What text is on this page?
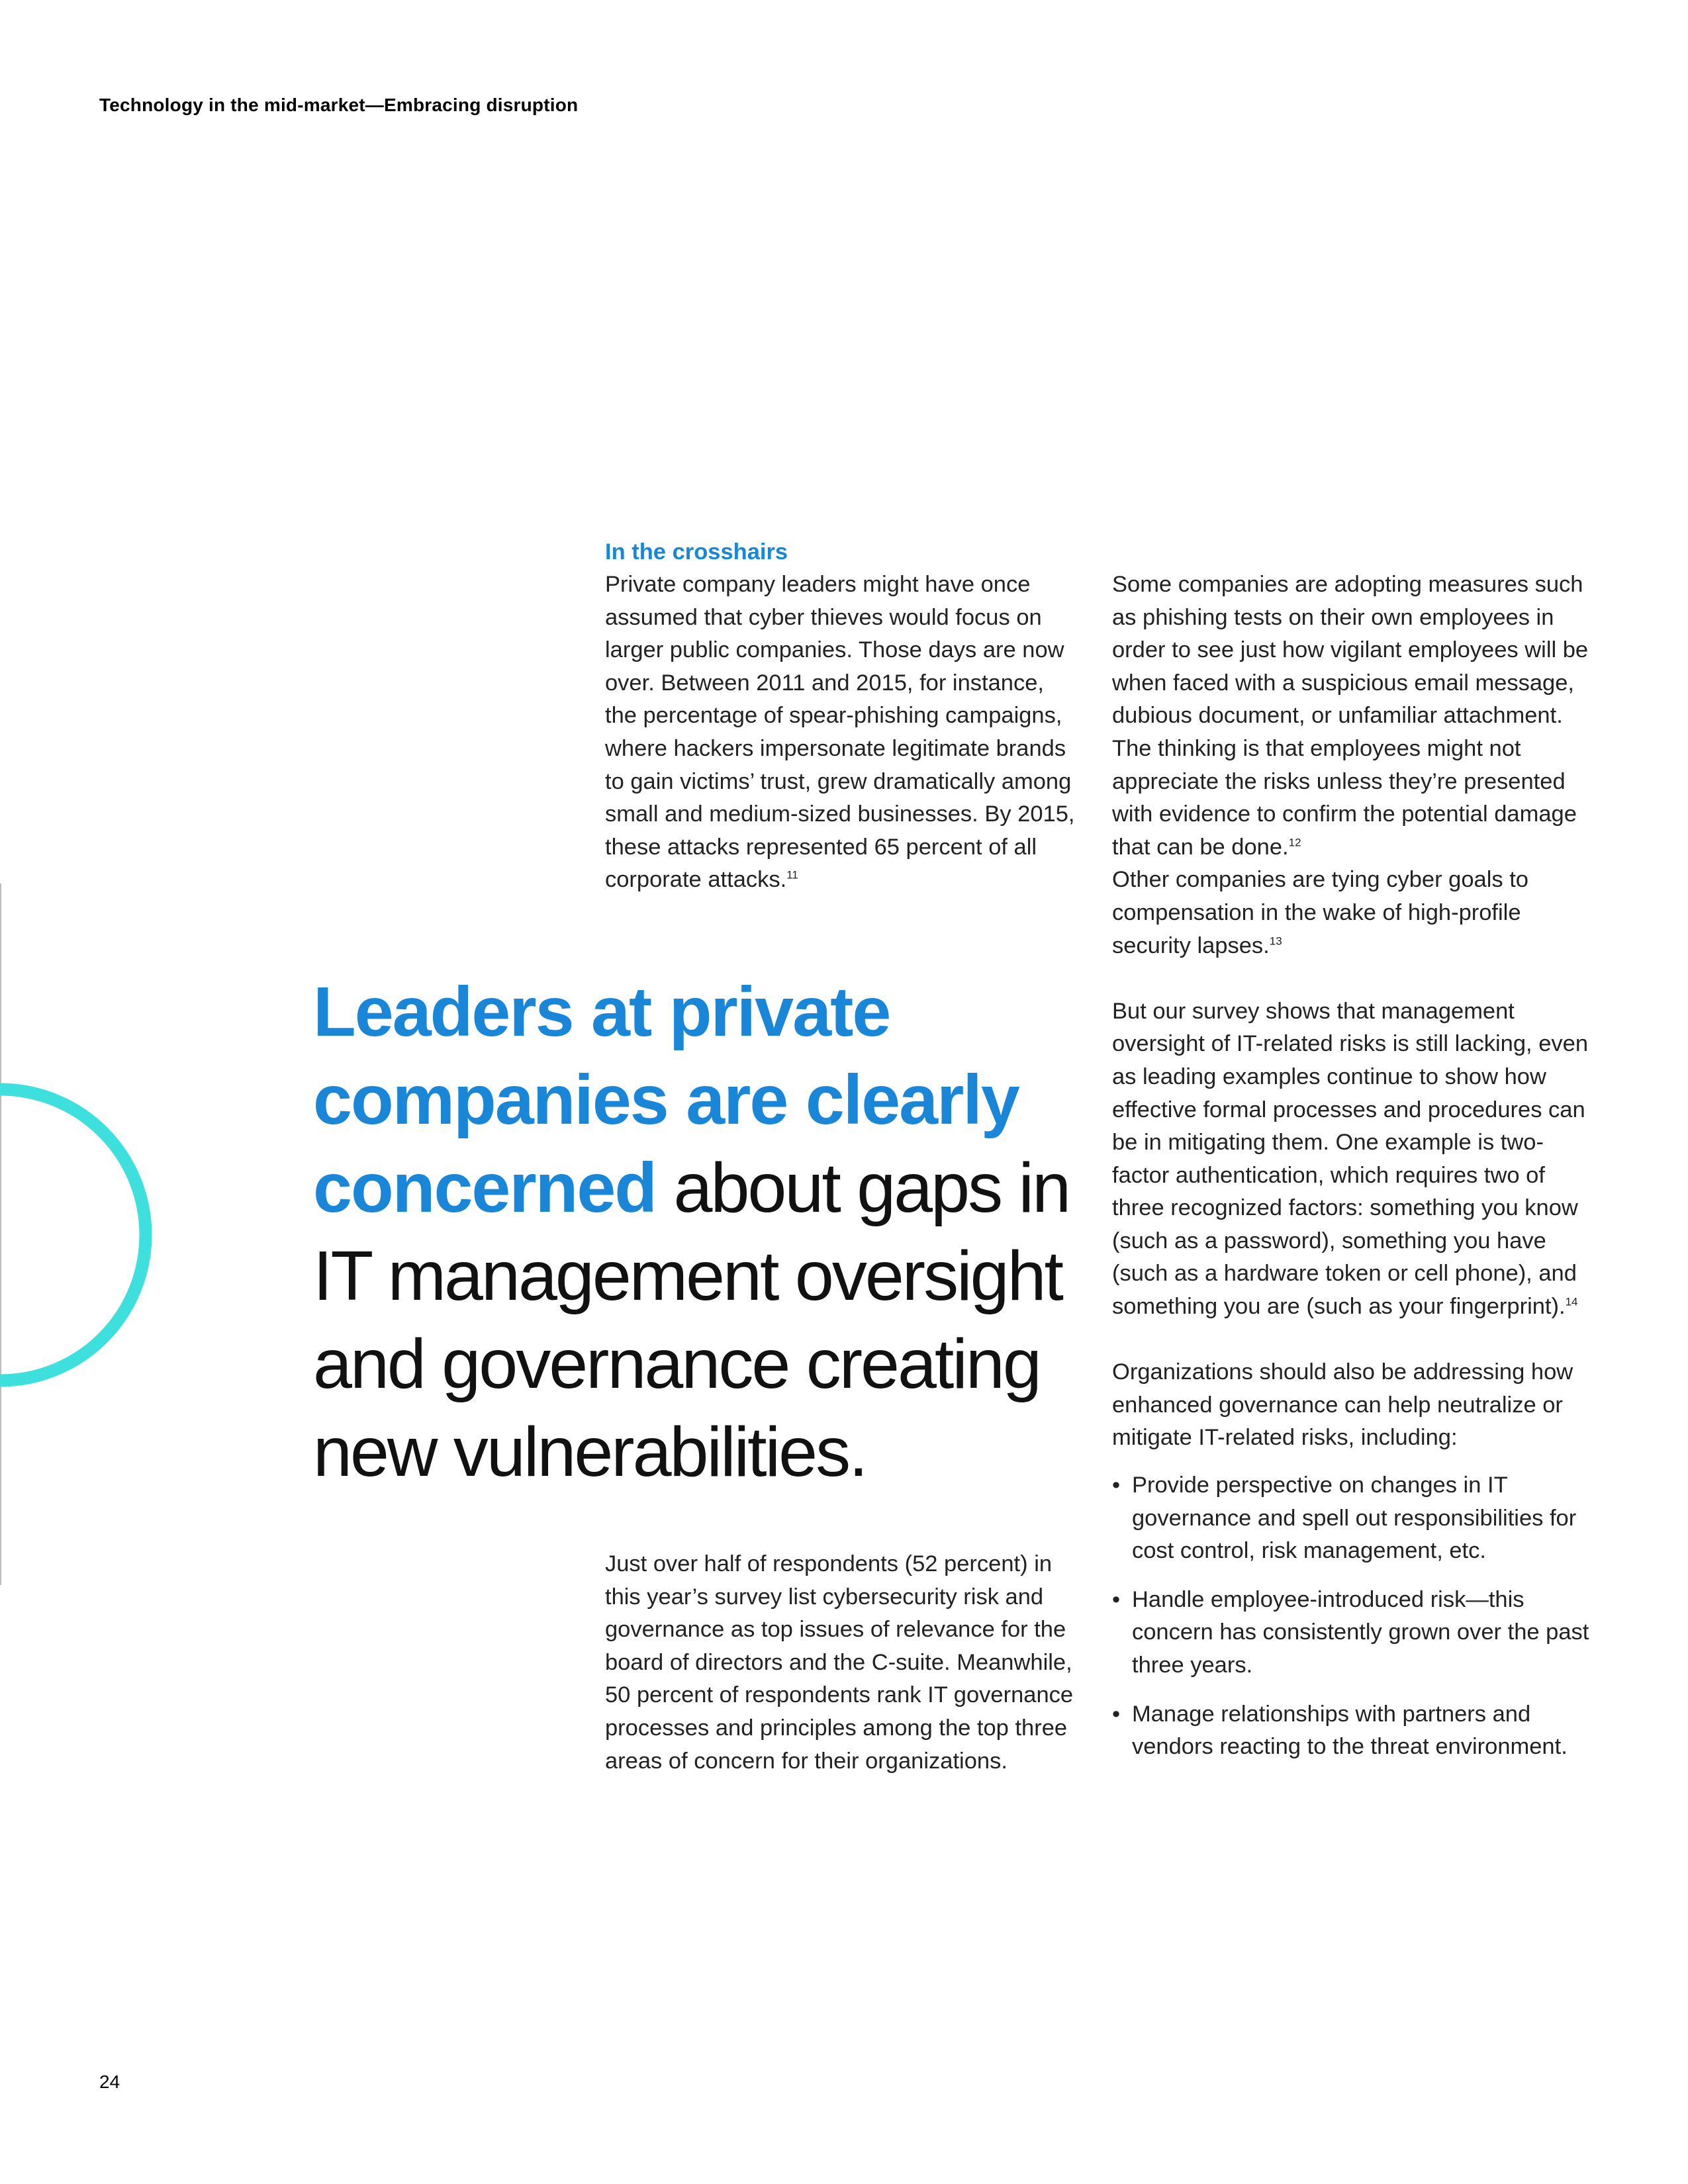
Technology in the mid-market—Embracing disruption
In the crosshairs

Private company leaders might have once assumed that cyber thieves would focus on larger public companies. Those days are now over. Between 2011 and 2015, for instance, the percentage of spear-phishing campaigns, where hackers impersonate legitimate brands to gain victims’ trust, grew dramatically among small and medium-sized businesses. By 2015, these attacks represented 65 percent of all corporate attacks.$^{11}$

Leaders at private companies are clearly concerned about gaps in IT management oversight and governance creating new vulnerabilities.

Just over half of respondents (52 percent) in this year’s survey list cybersecurity risk and governance as top issues of relevance for the board of directors and the C-suite. Meanwhile, 50 percent of respondents rank IT governance processes and principles among the top three areas of concern for their organizations.

Some companies are adopting measures such as phishing tests on their own employees in order to see just how vigilant employees will be when faced with a suspicious email message, dubious document, or unfamiliar attachment. The thinking is that employees might not appreciate the risks unless they’re presented with evidence to confirm the potential damage that can be done.$^{12}$

Other companies are tying cyber goals to compensation in the wake of high-profile security lapses.$^{13}$

But our survey shows that management oversight of IT-related risks is still lacking, even as leading examples continue to show how effective formal processes and procedures can be in mitigating them. One example is two-factor authentication, which requires two of three recognized factors: something you know (such as a password), something you have (such as a hardware token or cell phone), and something you are (such as your fingerprint).$^{14}$

Organizations should also be addressing how enhanced governance can help neutralize or mitigate IT-related risks, including:

• Provide perspective on changes in IT governance and spell out responsibilities for cost control, risk management, etc.
• Handle employee-introduced risk—this concern has consistently grown over the past three years.
• Manage relationships with partners and vendors reacting to the threat environment.
24
